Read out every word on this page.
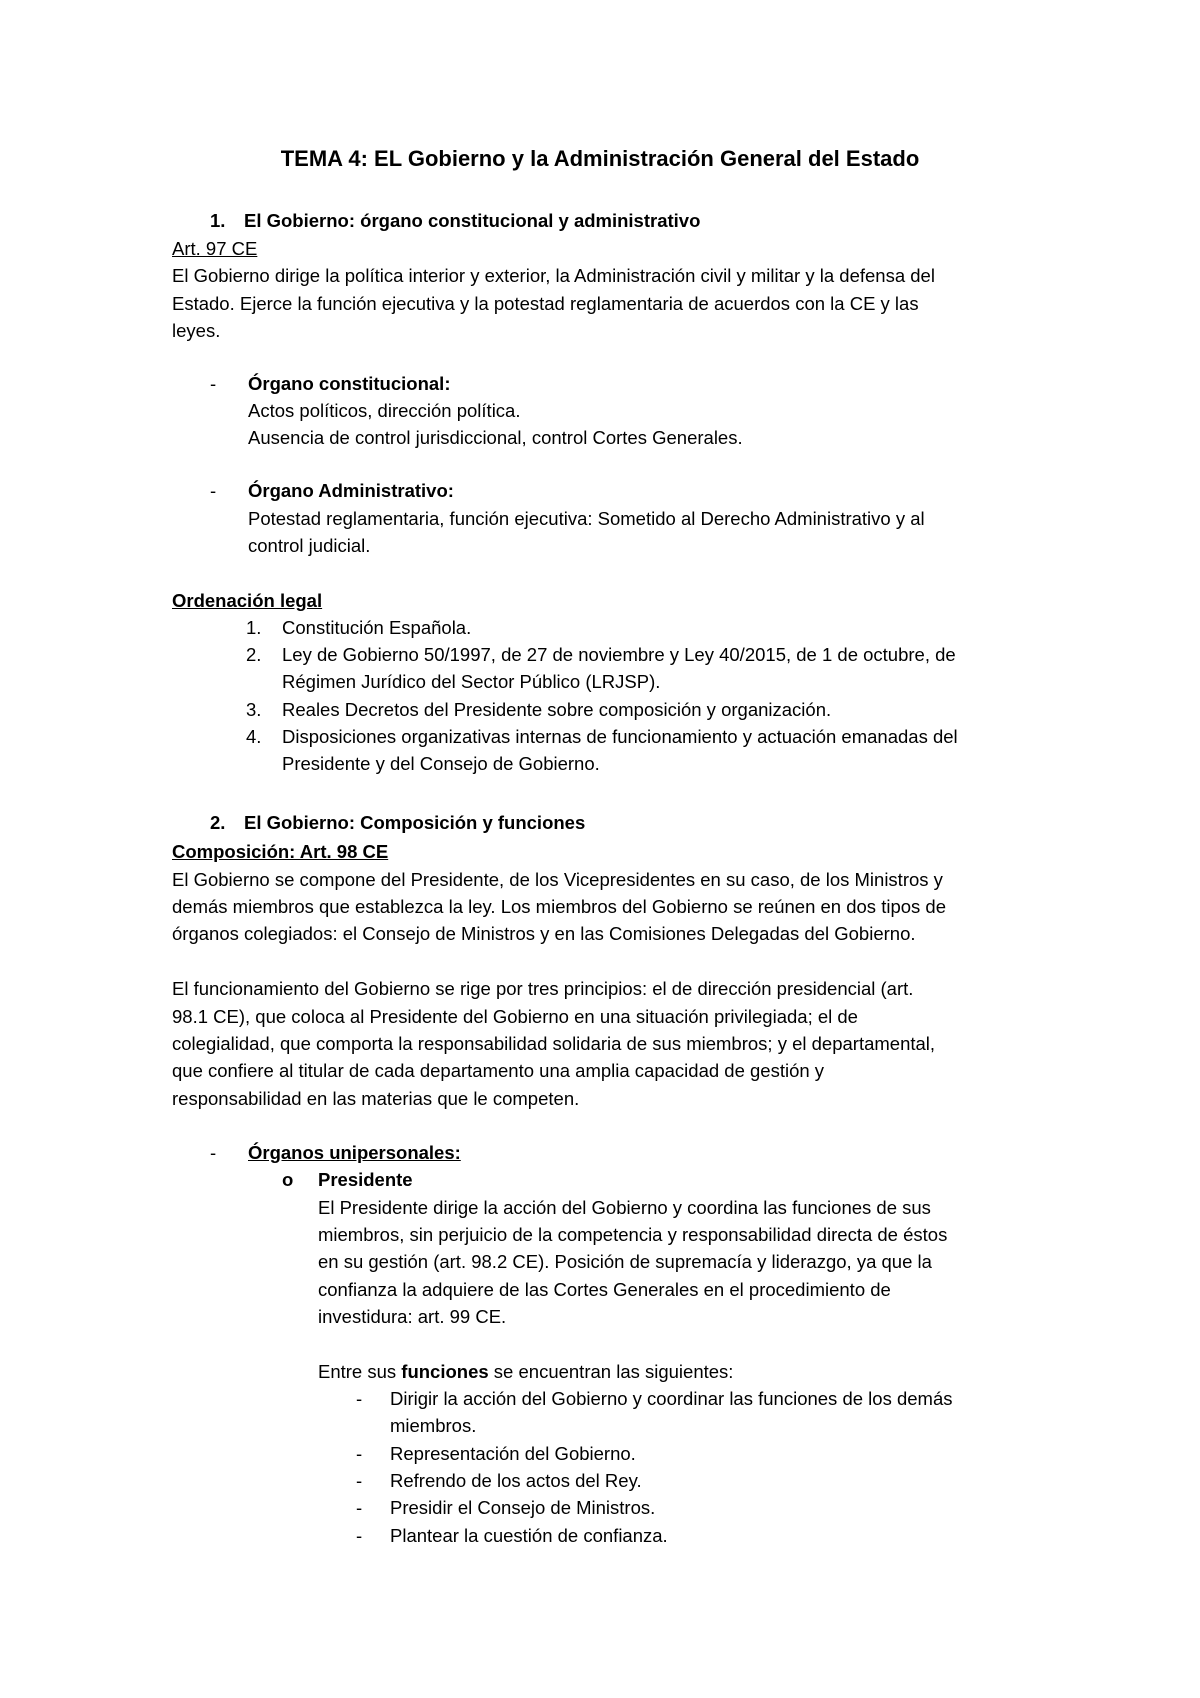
TEMA 4: EL Gobierno y la Administración General del Estado
1. El Gobierno: órgano constitucional y administrativo

Art. 97 CE

El Gobierno dirige la política interior y exterior, la Administración civil y militar y la defensa del

Estado. Ejerce la función ejecutiva y la potestad reglamentaria de acuerdos con la CE y las

leyes.

- Órgano constitucional:
Actos políticos, dirección política.
Ausencia de control jurisdiccional, control Cortes Generales.
- Órgano Administrativo:
Potestad reglamentaria, función ejecutiva: Sometido al Derecho Administrativo y al
control judicial.

Ordenación legal

1. Constitución Española.
2. Ley de Gobierno 50/1997, de 27 de noviembre y Ley 40/2015, de 1 de octubre, de
Régimen Jurídico del Sector Público (LRJSP).
3. Reales Decretos del Presidente sobre composición y organización.
4. Disposiciones organizativas internas de funcionamiento y actuación emanadas del
Presidente y del Consejo de Gobierno.
2. El Gobierno: Composición y funciones

Composición: Art. 98 CE

El Gobierno se compone del Presidente, de los Vicepresidentes en su caso, de los Ministros y

demás miembros que establezca la ley. Los miembros del Gobierno se reúnen en dos tipos de

órganos colegiados: el Consejo de Ministros y en las Comisiones Delegadas del Gobierno.

El funcionamiento del Gobierno se rige por tres principios: el de dirección presidencial (art.

98.1 CE), que coloca al Presidente del Gobierno en una situación privilegiada; el de

colegialidad, que comporta la responsabilidad solidaria de sus miembros; y el departamental,

que confiere al titular de cada departamento una amplia capacidad de gestión y

responsabilidad en las materias que le competen.

- Órganos unipersonales:
o Presidente
El Presidente dirige la acción del Gobierno y coordina las funciones de sus
miembros, sin perjuicio de la competencia y responsabilidad directa de éstos
en su gestión (art. 98.2 CE). Posición de supremacía y liderazgo, ya que la
confianza la adquiere de las Cortes Generales en el procedimiento de
investidura: art. 99 CE.
Entre sus funciones se encuentran las siguientes:
- Dirigir la acción del Gobierno y coordinar las funciones de los demás
miembros.
- Representación del Gobierno.
- Refrendo de los actos del Rey.
- Presidir el Consejo de Ministros.
- Plantear la cuestión de confianza.
